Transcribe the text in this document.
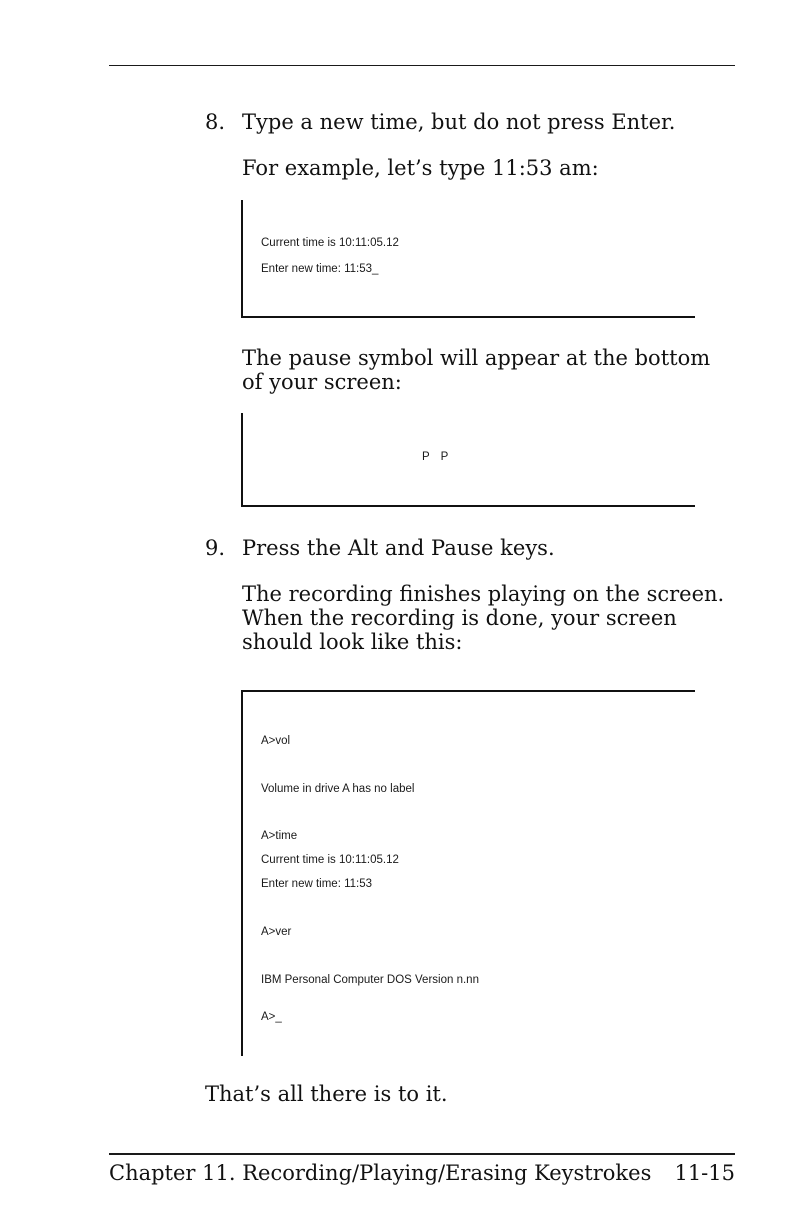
8. Type a new time, but do not press Enter.
For example, let’s type 11:53 am:
Current time is 10:11:05.12
Enter new time: 11:53_
The pause symbol will appear at the bottom
of your screen:
P P
9. Press the Alt and Pause keys.
The recording finishes playing on the screen.
When the recording is done, your screen
should look like this:
A>vol
Volume in drive A has no label
A>time
Current time is 10:11:05.12
Enter new time: 11:53
A>ver
IBM Personal Computer DOS Version n.nn
A>_
That’s all there is to it.
Chapter 11. Recording/Playing/Erasing Keystrokes 11-15
